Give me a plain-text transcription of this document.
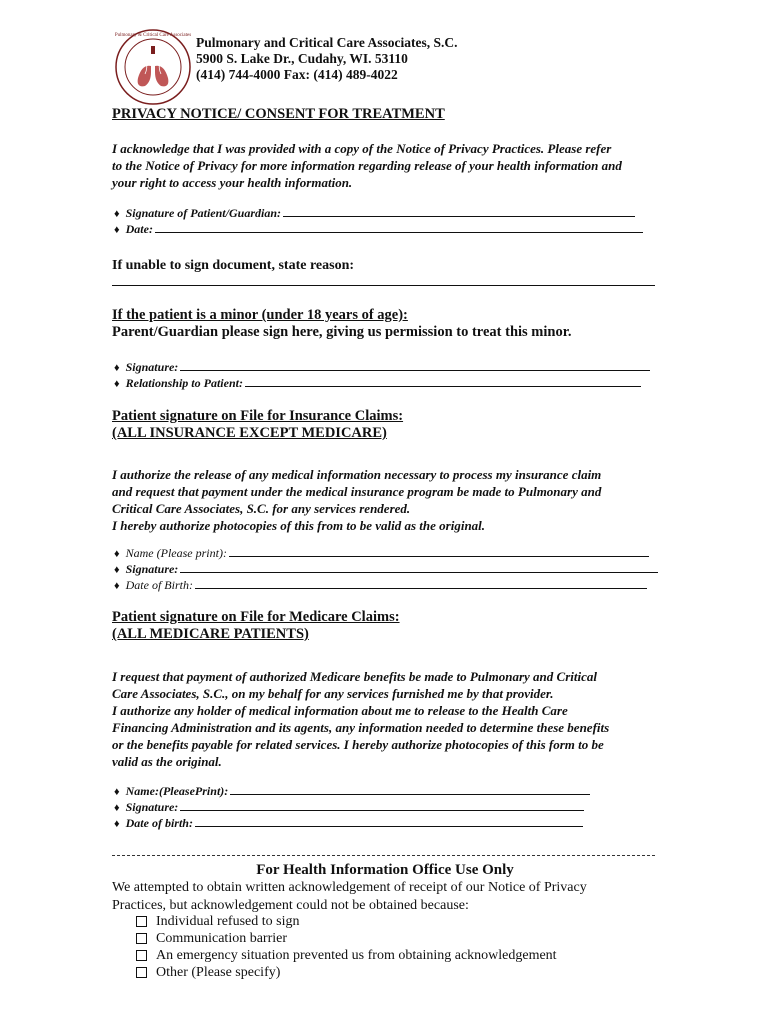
Pulmonary & Critical Care Associates Pulmonary and Critical Care Associates, S.C.
5900 S. Lake Dr., Cudahy, WI. 53110
(414) 744-4000 Fax: (414) 489-4022
PRIVACY NOTICE/ CONSENT FOR TREATMENT
I acknowledge that I was provided with a copy of the Notice of Privacy Practices. Please refer
to the Notice of Privacy for more information regarding release of your health information and
your right to access your health information.
♦ Signature of Patient/Guardian:
♦ Date:
If unable to sign document, state reason:
If the patient is a minor (under 18 years of age):
Parent/Guardian please sign here, giving us permission to treat this minor.
♦ Signature:
♦ Relationship to Patient:
Patient signature on File for Insurance Claims:
(ALL INSURANCE EXCEPT MEDICARE)
I authorize the release of any medical information necessary to process my insurance claim
and request that payment under the medical insurance program be made to Pulmonary and
Critical Care Associates, S.C. for any services rendered.
I hereby authorize photocopies of this from to be valid as the original.
♦ Name (Please print):
♦ Signature:
♦ Date of Birth:
Patient signature on File for Medicare Claims:
(ALL MEDICARE PATIENTS)
I request that payment of authorized Medicare benefits be made to Pulmonary and Critical
Care Associates, S.C., on my behalf for any services furnished me by that provider.
I authorize any holder of medical information about me to release to the Health Care
Financing Administration and its agents, any information needed to determine these benefits
or the benefits payable for related services. I hereby authorize photocopies of this form to be
valid as the original.
♦ Name:(PleasePrint):
♦ Signature:
♦ Date of birth:
For Health Information Office Use Only
We attempted to obtain written acknowledgement of receipt of our Notice of Privacy
Practices, but acknowledgement could not be obtained because:
Individual refused to sign
Communication barrier
An emergency situation prevented us from obtaining acknowledgement
Other (Please specify)
